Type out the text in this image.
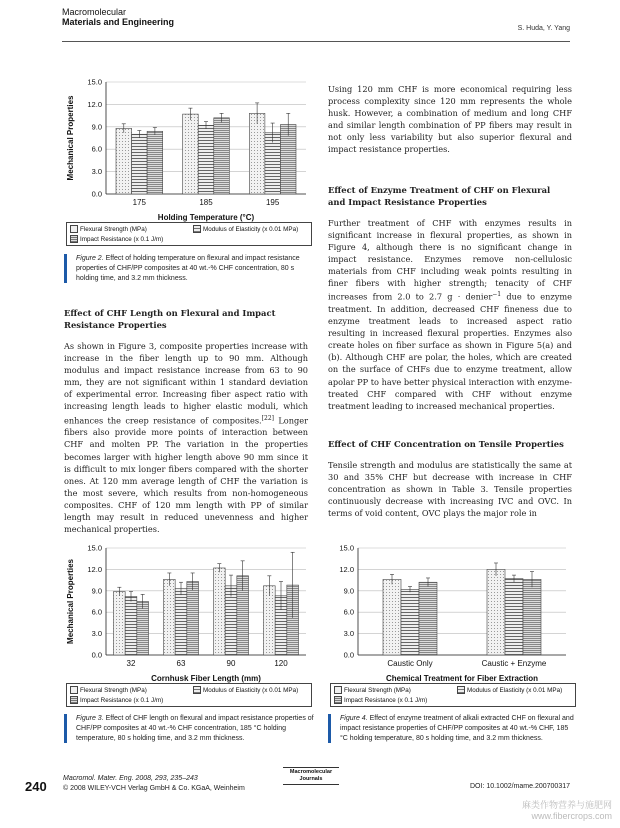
Macromolecular
Materials and Engineering
S. Huda, Y. Yang
0.0
3.0
6.0
9.0
12.0
15.0
175	185	195
Holding Temperature (°C)
Mechanical Properties
Flexural Strength (MPa)	Modulus of Elasticity (x 0.01 MPa)
Impact Resistance (x 0.1 J/m)
Figure 2. Effect of holding temperature on flexural and impact resistance properties of CHF/PP composites at 40 wt.-% CHF concentration, 80 s holding time, and 3.2 mm thickness.
Effect of CHF Length on Flexural and Impact
Resistance Properties

As shown in Figure 3, composite properties increase with increase in the fiber length up to 90 mm. Although modulus and impact resistance increase from 63 to 90 mm, they are not significant within 1 standard deviation of experimental error. Increasing fiber aspect ratio with increasing length leads to higher elastic moduli, which enhances the creep resistance of composites.[22] Longer fibers also provide more points of interaction between CHF and molten PP. The variation in the properties becomes larger with higher length above 90 mm since it is difficult to mix longer fibers compared with the shorter ones. At 120 mm average length of CHF the variation is the most severe, which results from non-homogeneous composites. CHF of 120 mm length with PP of similar length may result in reduced unevenness and higher mechanical properties.

Using 120 mm CHF is more economical requiring less process complexity since 120 mm represents the whole husk. However, a combination of medium and long CHF and similar length combination of PP fibers may result in not only less variability but also superior flexural and impact resistance properties.

Effect of Enzyme Treatment of CHF on Flexural
and Impact Resistance Properties

Further treatment of CHF with enzymes results in significant increase in flexural properties, as shown in Figure 4, although there is no significant change in impact resistance. Enzymes remove non-cellulosic materials from CHF including weak points resulting in finer fibers with higher strength; tenacity of CHF increases from 2.0 to 2.7 g · denier$^{-1}$ due to enzyme treatment. In addition, decreased CHF fineness due to enzyme treatment leads to increased aspect ratio resulting in increased flexural properties. Enzymes also create holes on fiber surface as shown in Figure 5(a) and (b). Although CHF are polar, the holes, which are created on the surface of CHFs due to enzyme treatment, allow apolar PP to have better physical interaction with enzyme-treated CHF compared with CHF without enzyme treatment leading to increased mechanical properties.

Effect of CHF Concentration on Tensile Properties

Tensile strength and modulus are statistically the same at 30 and 35% CHF but decrease with increase in CHF concentration as shown in Table 3. Tensile properties continuously decrease with increasing IVC and OVC. In terms of void content, OVC plays the major role in

0.0
3.0
6.0
9.0
12.0
15.0
32	63	90	120
Cornhusk Fiber Length (mm)
Mechanical Properties
Flexural Strength (MPa)	Modulus of Elasticity (x 0.01 MPa)
Impact Resistance (x 0.1 J/m)
Figure 3. Effect of CHF length on flexural and impact resistance properties of CHF/PP composites at 40 wt.-% CHF concentration, 185 °C holding temperature, 80 s holding time, and 3.2 mm thickness.
0.0
3.0
6.0
9.0
12.0
15.0
Caustic Only	Caustic + Enzyme
Chemical Treatment for Fiber Extraction
Flexural Strength (MPa)	Modulus of Elasticity (x 0.01 MPa)
Impact Resistance (x 0.1 J/m)
Figure 4. Effect of enzyme treatment of alkali extracted CHF on flexural and impact resistance properties of CHF/PP composites at 40 wt.-% CHF, 185 °C holding temperature, 80 s holding time, and 3.2 mm thickness.
240
Macromol. Mater. Eng. 2008, 293, 235–243
© 2008 WILEY-VCH Verlag GmbH & Co. KGaA, Weinheim
Macromolecular
Journals
DOI: 10.1002/mame.200700317
麻类作物营养与施肥网
www.fibercrops.com
